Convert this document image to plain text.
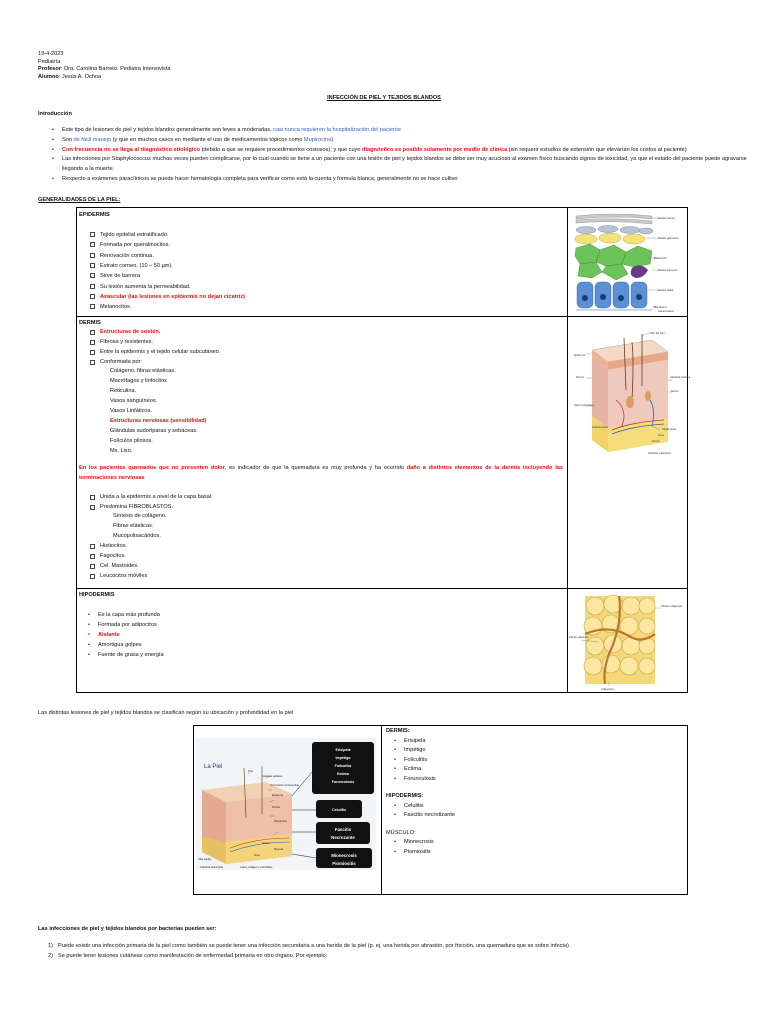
19-4-2023
Pediatría
Profesor: Dra. Carolina Barreto. Pediatra Intensivista
Alumno: Jesús A. Ochoa
INFECCIÓN DE PIEL Y TEJIDOS BLANDOS
Introducción
• Este tipo de lesiones de piel y tejidos blandos generalmente son leves a moderadas, casi nunca requieren la hospitalización del paciente
• Son de fácil manejo (y que en muchos casos en mediante el uso de medicamentos tópicos como Mupirocina)
• Con frecuencia no se llega al diagnóstico etiológico (debido a que se requiere procedimientos costosos); y que cuyo diagnóstico es posible solamente por medio de clínica (sin requerir estudios de extensión que elevarían los costos al paciente)
• Las infecciones por Staphylococcus muchas veces pueden complicarse, por lo cual cuando se tiene a un paciente con una lesión de piel y tejidos blandos se debe ser muy acucioso al examen físico buscando signos de toxicidad, ya que el estado del paciente puede agravarse llegando a la muerte.
• Respecto a exámenes paraclínicos se puede hacer hematología completa para verificar como está la cuenta y formula blanca; generalmente no se hace cultivo
GENERALIDADES DE LA PIEL:
EPIDERMIS
Tejido epitelial estratificado.
Formada por queratinocitos.
Renovación continua.
Estrato corneo. (10 – 50 µm).
Sirve de barrera.
Su lesión aumenta la permeabilidad.
Avascular (las lesiones en epidermis no dejan cicatriz)
Melanocitos.
Estrato córneo
Estrato granuloso
Melanocito
Estrato espinoso
Estrato basal
Membrana
Lámina basal
DERMIS
Estructuras de sostén.
Fibrosa y resistentes.
Entre la epidermis y el tejido celular subcutáneo.
Conformada por:
Colágeno, fibras elásticas.
Macrófagos y linfocitos
Reticulina.
Vasos sanguíneos.
Vasos Linfáticos.
Estructuras nerviosas (sensibilidad)
Glándulas sudoríparas y sebáceas.
Folículos pilosos.
Ms. Liso.
En los pacientes quemados que no presenten dolor, es indicador de que la quemadura es muy profunda y ha ocurrido daño a distintos elementos de la dermis incluyendo las terminaciones nerviosas
Unida a la epidermis a nivel de la capa basal.
Predomina FIBROBLASTOS.
Síntesis de colágeno.
Fibras elásticas.
Mucopolisacáridos.
Histiocitos.
Fagocitos.
Cel. Mastoides.
Leucocitos móviles
Tallo del pelo
Epidermis
Dermis	Glándula sebácea
Tejido subcutáneo
Nervio
Folículo piloso
Papila pilosa
Vena
Arteria
Glándula sudorípara
HIPODERMIS
• Es la capa más profunda
• Formada por adipocitos
• Aislante
• Amortigua golpes
• Fuente de grasa y energía
Fibras colágenas
Fibras elásticas
Adipocitos
Las distintas lesiones de piel y tejidos blandos se clasifican según su ubicación y profundidad en la piel
La Piel
Pelo
Glándula sebácea
Terminación nerviosa libre
Epidermis
Dermis
Hipodermis
Músculo
Arteria
Vena
Tallo capilar
Glándula Sudorípara	Grasa, colágeno, microbiales
Erisipela
Impétigo
Foliculitis
Ectima
Furunculosis
Celulitis
Fascitis
Necrozante
Mionecrosis
Piomiositis
DERMIS:
• Erisipela
• Impétigo
• Foliculitis
• Ectima
• Forunculosis
HIPODERMIS:
• Celulitis
• Fascitis necrotizante
MÚSCULO:
• Mionecrosis
• Piomiositis
Las infecciones de piel y tejidos blandos por bacterias pueden ser:
1) Puede existir una infección primaria de la piel como también se puede tener una infección secundaria a una herida de la piel (p. ej. una herida por abrasión, por fricción, una quemadura que se sobre infecta)
2) Se puede tener lesiones cutáneas como manifestación de enfermedad primaria en otro órgano. Por ejemplo:
